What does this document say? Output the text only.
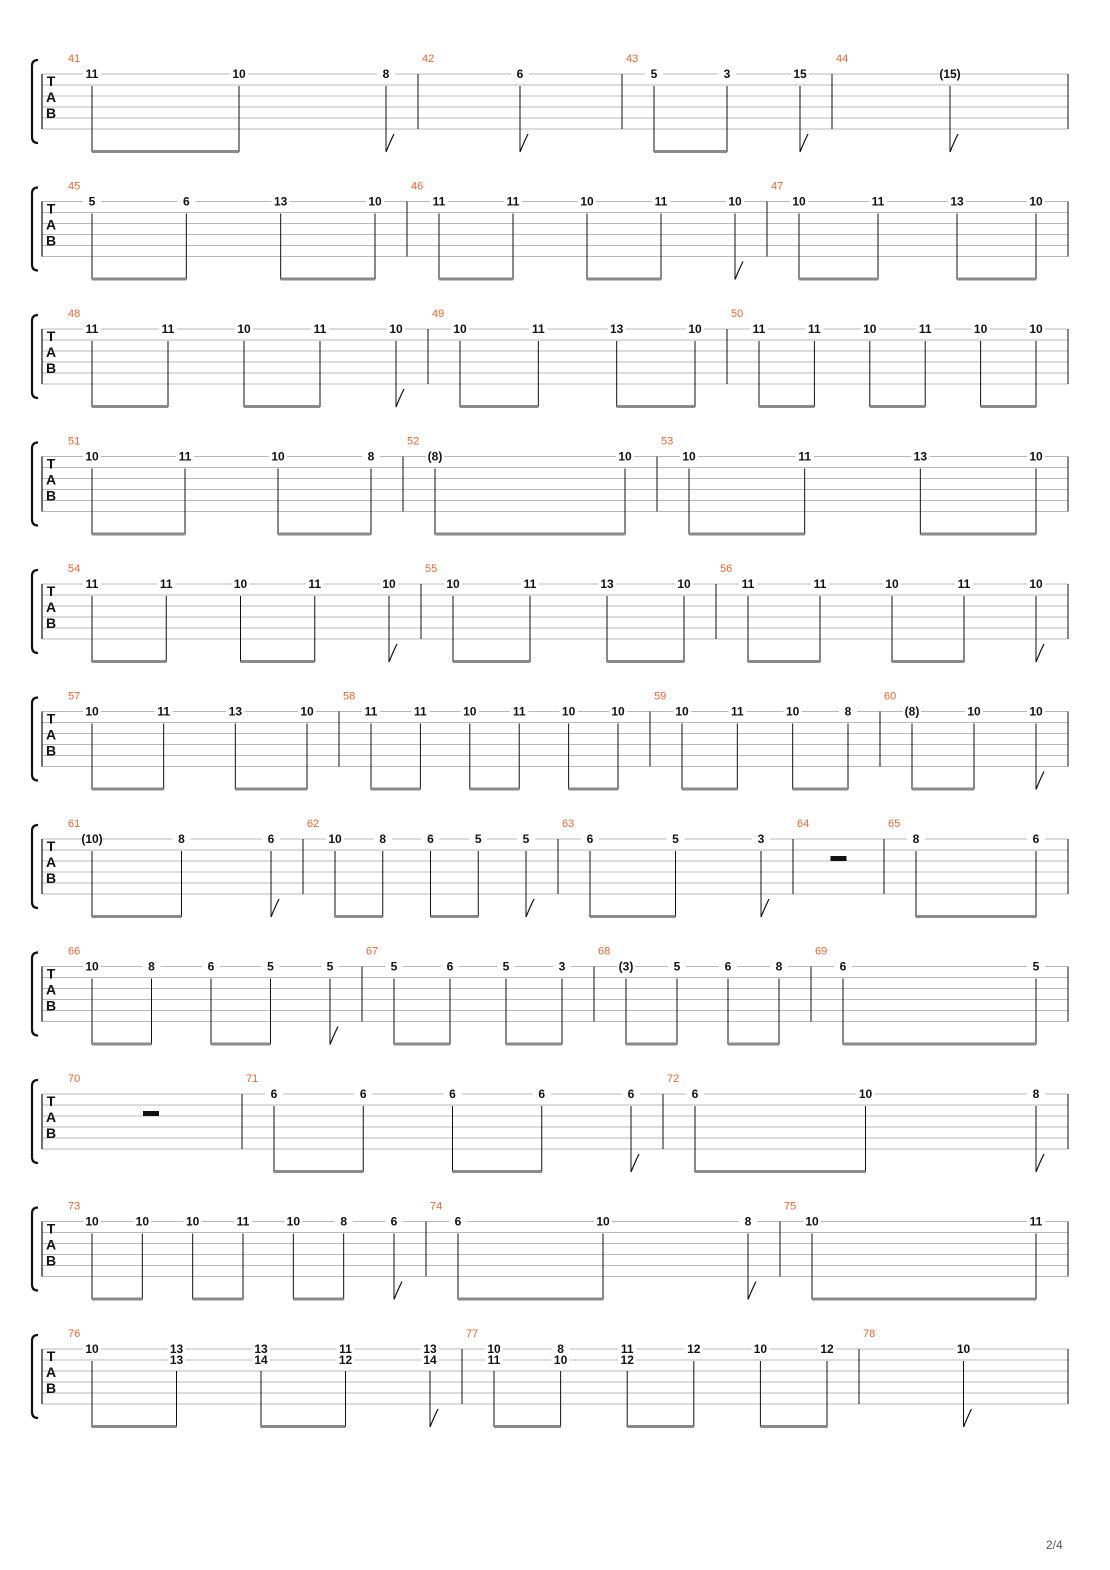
T
A
B
41
11	10	8
42
6
43
5	3	15
44
(15)
T
A
B
45
5	6	13	10
46
11	11	10	11	10
47
10	11	13	10
T
A
B
48
11	11	10	11	10
49
10	11	13	10
50
11	11	10	11	10	10
T
A
B
51
10	11	10	8
52
(8)	10
53
10	11	13	10
T
A
B
54
11	11	10	11	10
55
10	11	13	10
56
11	11	10	11	10
T
A
B
57
10	11	13	10
58
11	11	10	11	10	10
59
10	11	10	8
60
(8)	10	10
T
A
B
61
(10)	8	6
62
10	8	6	5	5
63
6	5	3
64	65
8	6
T
A
B
66
10	8	6	5	5
67
5	6	5	3
68
(3)	5	6	8
69
6	5
T
A
B
70	71
6	6	6	6	6
72
6	10	8
T
A
B
73
10	10	10	11	10	8	6
74
6	10	8
75
10	11
T
A
B
76
10	13
13
13
14
11
12
13
14
77
10
11
8
10
11
12
12	10	12
78
10
2/4
